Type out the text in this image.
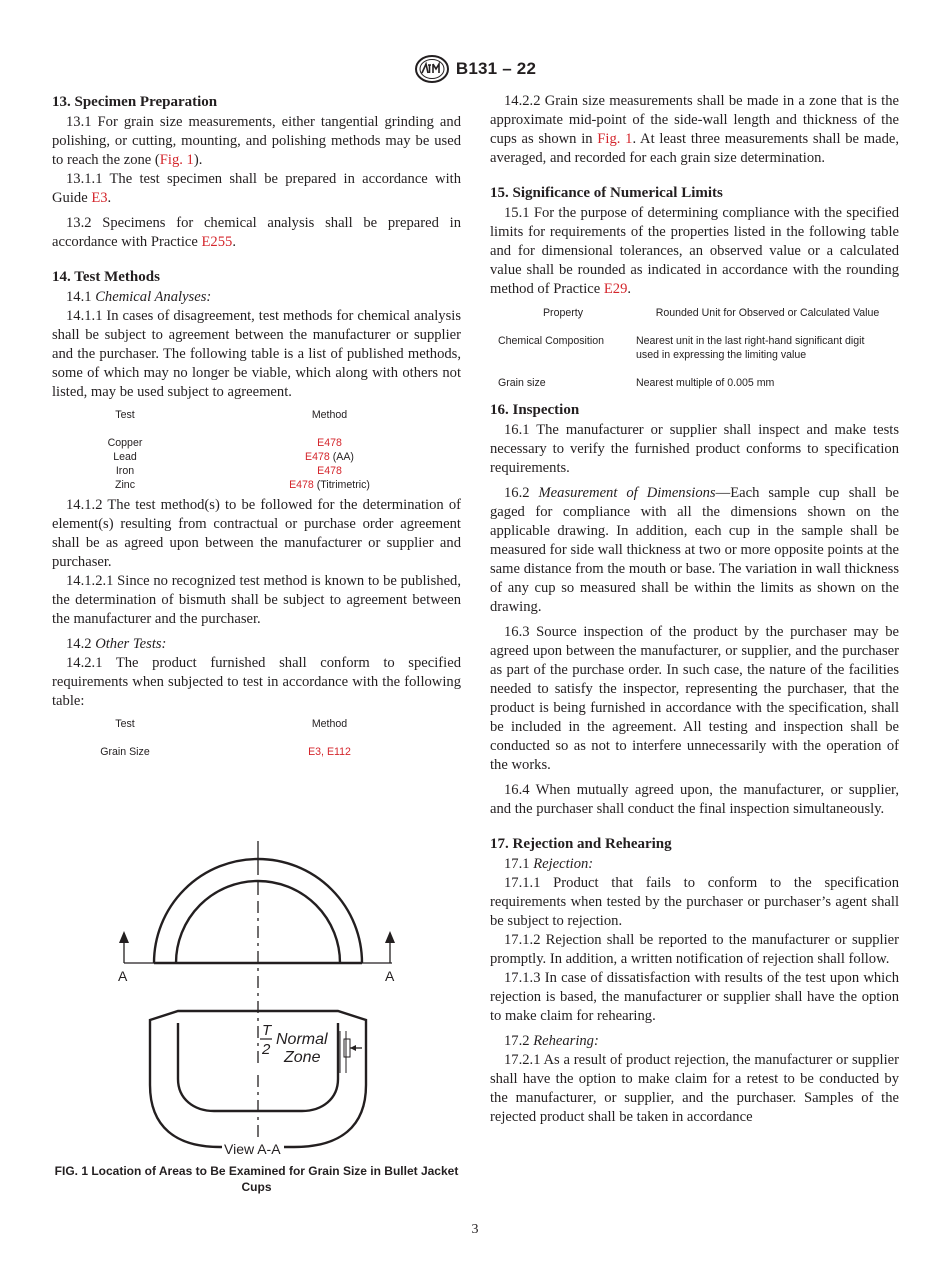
B131 – 22
13. Specimen Preparation

13.1 For grain size measurements, either tangential grinding and polishing, or cutting, mounting, and polishing methods may be used to reach the zone (Fig. 1).

13.1.1 The test specimen shall be prepared in accordance with Guide E3.

13.2 Specimens for chemical analysis shall be prepared in accordance with Practice E255.

14. Test Methods

14.1 Chemical Analyses:

14.1.1 In cases of disagreement, test methods for chemical analysis shall be subject to agreement between the manufacturer or supplier and the purchaser. The following table is a list of published methods, some of which may no longer be viable, which along with others not listed, may be used subject to agreement.

Test	Method
Copper	E478
Lead	E478 (AA)
Iron	E478
Zinc	E478 (Titrimetric)

14.1.2 The test method(s) to be followed for the determination of element(s) resulting from contractual or purchase order agreement shall be as agreed upon between the manufacturer or supplier and purchaser.

14.1.2.1 Since no recognized test method is known to be published, the determination of bismuth shall be subject to agreement between the manufacturer and the purchaser.

14.2 Other Tests:

14.2.1 The product furnished shall conform to specified requirements when subjected to test in accordance with the following table:

Test	Method
Grain Size	E3, E112
A	A
T
2
Normal
Zone
View A-A
FIG. 1 Location of Areas to Be Examined for Grain Size in Bullet Jacket Cups

14.2.2 Grain size measurements shall be made in a zone that is the approximate mid-point of the side-wall length and thickness of the cups as shown in Fig. 1. At least three measurements shall be made, averaged, and recorded for each grain size determination.

15. Significance of Numerical Limits

15.1 For the purpose of determining compliance with the specified limits for requirements of the properties listed in the following table and for dimensional tolerances, an observed value or a calculated value shall be rounded as indicated in accordance with the rounding method of Practice E29.

Property	Rounded Unit for Observed or Calculated Value
Chemical Composition	Nearest unit in the last right-hand significant digit
used in expressing the limiting value
Grain size	Nearest multiple of 0.005 mm
16. Inspection

16.1 The manufacturer or supplier shall inspect and make tests necessary to verify the furnished product conforms to specification requirements.

16.2 Measurement of Dimensions—Each sample cup shall be gaged for compliance with all the dimensions shown on the applicable drawing. In addition, each cup in the sample shall be measured for side wall thickness at two or more opposite points at the same distance from the mouth or base. The variation in wall thickness of any cup so measured shall be within the limits as shown on the drawing.

16.3 Source inspection of the product by the purchaser may be agreed upon between the manufacturer, or supplier, and the purchaser as part of the purchase order. In such case, the nature of the facilities needed to satisfy the inspector, representing the purchaser, that the product is being furnished in accordance with the specification, shall be included in the agreement. All testing and inspection shall be conducted so as not to interfere unnecessarily with the operation of the works.

16.4 When mutually agreed upon, the manufacturer, or supplier, and the purchaser shall conduct the final inspection simultaneously.

17. Rejection and Rehearing

17.1 Rejection:

17.1.1 Product that fails to conform to the specification requirements when tested by the purchaser or purchaser’s agent shall be subject to rejection.

17.1.2 Rejection shall be reported to the manufacturer or supplier promptly. In addition, a written notification of rejection shall follow.

17.1.3 In case of dissatisfaction with results of the test upon which rejection is based, the manufacturer or supplier shall have the option to make claim for rehearing.

17.2 Rehearing:

17.2.1 As a result of product rejection, the manufacturer or supplier shall have the option to make claim for a retest to be conducted by the manufacturer, or supplier, and the purchaser. Samples of the rejected product shall be taken in accordance

3
